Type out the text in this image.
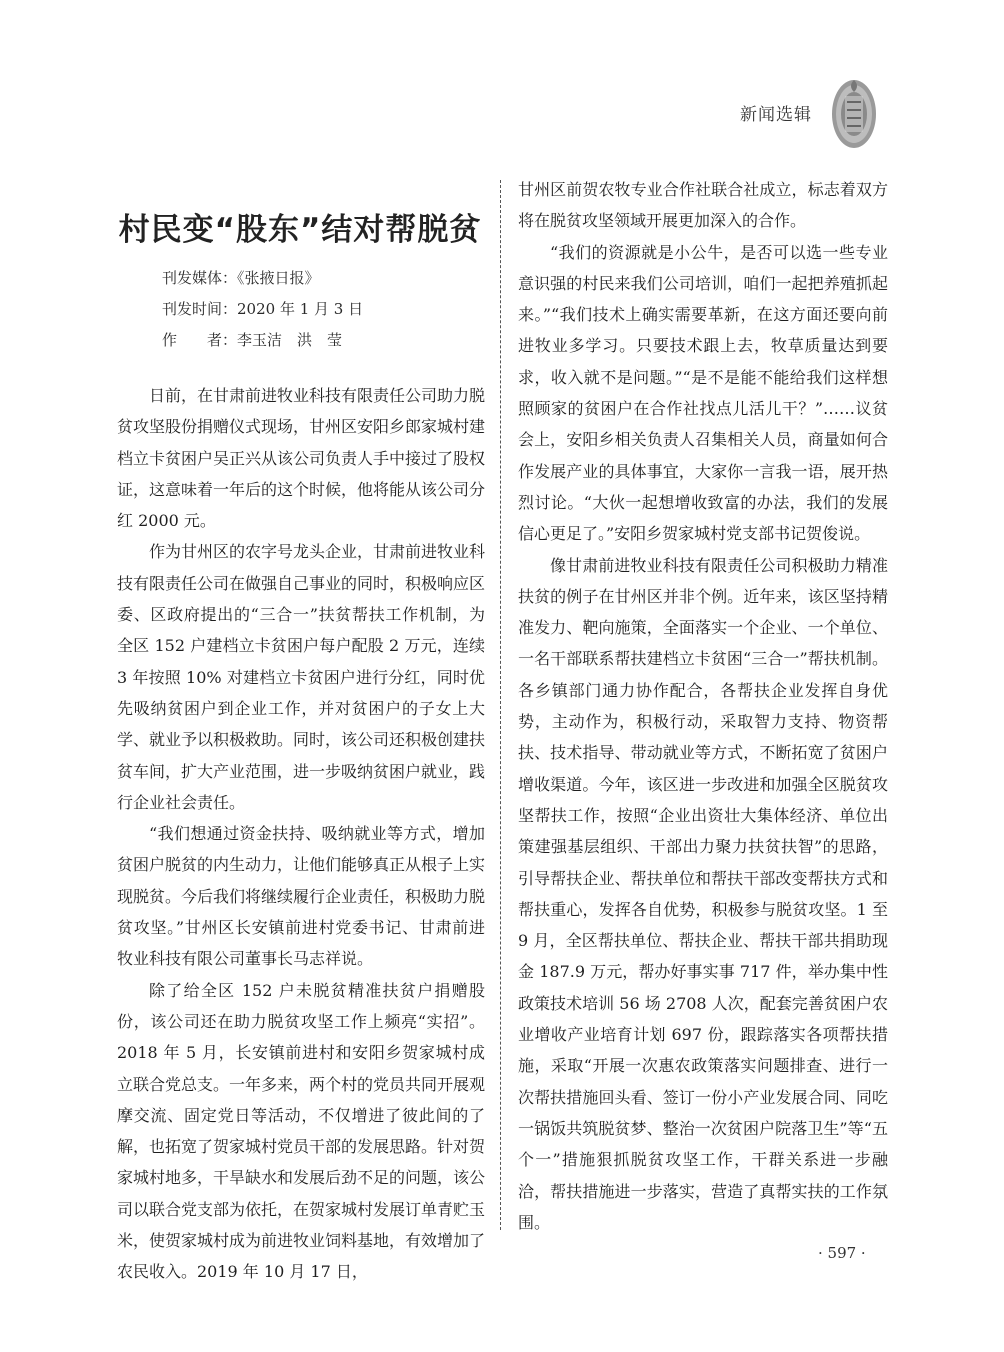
新闻选辑
村民变“股东”结对帮脱贫
刊发媒体：《张掖日报》
刊发时间：2020 年 1 月 3 日
作　　者：李玉洁　洪　莹

日前，在甘肃前进牧业科技有限责任公司助力脱贫攻坚股份捐赠仪式现场，甘州区安阳乡郎家城村建档立卡贫困户吴正兴从该公司负责人手中接过了股权证，这意味着一年后的这个时候，他将能从该公司分红 2000 元。

作为甘州区的农字号龙头企业，甘肃前进牧业科技有限责任公司在做强自己事业的同时，积极响应区委、区政府提出的“三合一”扶贫帮扶工作机制，为全区 152 户建档立卡贫困户每户配股 2 万元，连续 3 年按照 10% 对建档立卡贫困户进行分红，同时优先吸纳贫困户到企业工作，并对贫困户的子女上大学、就业予以积极救助。同时，该公司还积极创建扶贫车间，扩大产业范围，进一步吸纳贫困户就业，践行企业社会责任。

“我们想通过资金扶持、吸纳就业等方式，增加贫困户脱贫的内生动力，让他们能够真正从根子上实现脱贫。今后我们将继续履行企业责任，积极助力脱贫攻坚。”甘州区长安镇前进村党委书记、甘肃前进牧业科技有限公司董事长马志祥说。

除了给全区 152 户未脱贫精准扶贫户捐赠股份，该公司还在助力脱贫攻坚工作上频亮“实招”。2018 年 5 月，长安镇前进村和安阳乡贺家城村成立联合党总支。一年多来，两个村的党员共同开展观摩交流、固定党日等活动，不仅增进了彼此间的了解，也拓宽了贺家城村党员干部的发展思路。针对贺家城村地多，干旱缺水和发展后劲不足的问题，该公司以联合党支部为依托，在贺家城村发展订单青贮玉米，使贺家城村成为前进牧业饲料基地，有效增加了农民收入。2019 年 10 月 17 日，

甘州区前贺农牧专业合作社联合社成立，标志着双方将在脱贫攻坚领域开展更加深入的合作。

“我们的资源就是小公牛，是否可以选一些专业意识强的村民来我们公司培训，咱们一起把养殖抓起来。”“我们技术上确实需要革新，在这方面还要向前进牧业多学习。只要技术跟上去，牧草质量达到要求，收入就不是问题。”“是不是能不能给我们这样想照顾家的贫困户在合作社找点儿活儿干？”……议贫会上，安阳乡相关负责人召集相关人员，商量如何合作发展产业的具体事宜，大家你一言我一语，展开热烈讨论。“大伙一起想增收致富的办法，我们的发展信心更足了。”安阳乡贺家城村党支部书记贺俊说。

像甘肃前进牧业科技有限责任公司积极助力精准扶贫的例子在甘州区并非个例。近年来，该区坚持精准发力、靶向施策，全面落实一个企业、一个单位、一名干部联系帮扶建档立卡贫困“三合一”帮扶机制。各乡镇部门通力协作配合，各帮扶企业发挥自身优势，主动作为，积极行动，采取智力支持、物资帮扶、技术指导、带动就业等方式，不断拓宽了贫困户增收渠道。今年，该区进一步改进和加强全区脱贫攻坚帮扶工作，按照“企业出资壮大集体经济、单位出策建强基层组织、干部出力聚力扶贫扶智”的思路，引导帮扶企业、帮扶单位和帮扶干部改变帮扶方式和帮扶重心，发挥各自优势，积极参与脱贫攻坚。1 至 9 月，全区帮扶单位、帮扶企业、帮扶干部共捐助现金 187.9 万元，帮办好事实事 717 件，举办集中性政策技术培训 56 场 2708 人次，配套完善贫困户农业增收产业培育计划 697 份，跟踪落实各项帮扶措施，采取“开展一次惠农政策落实问题排查、进行一次帮扶措施回头看、签订一份小产业发展合同、同吃一锅饭共筑脱贫梦、整治一次贫困户院落卫生”等“五个一”措施狠抓脱贫攻坚工作，干群关系进一步融洽，帮扶措施进一步落实，营造了真帮实扶的工作氛围。

· 597 ·
